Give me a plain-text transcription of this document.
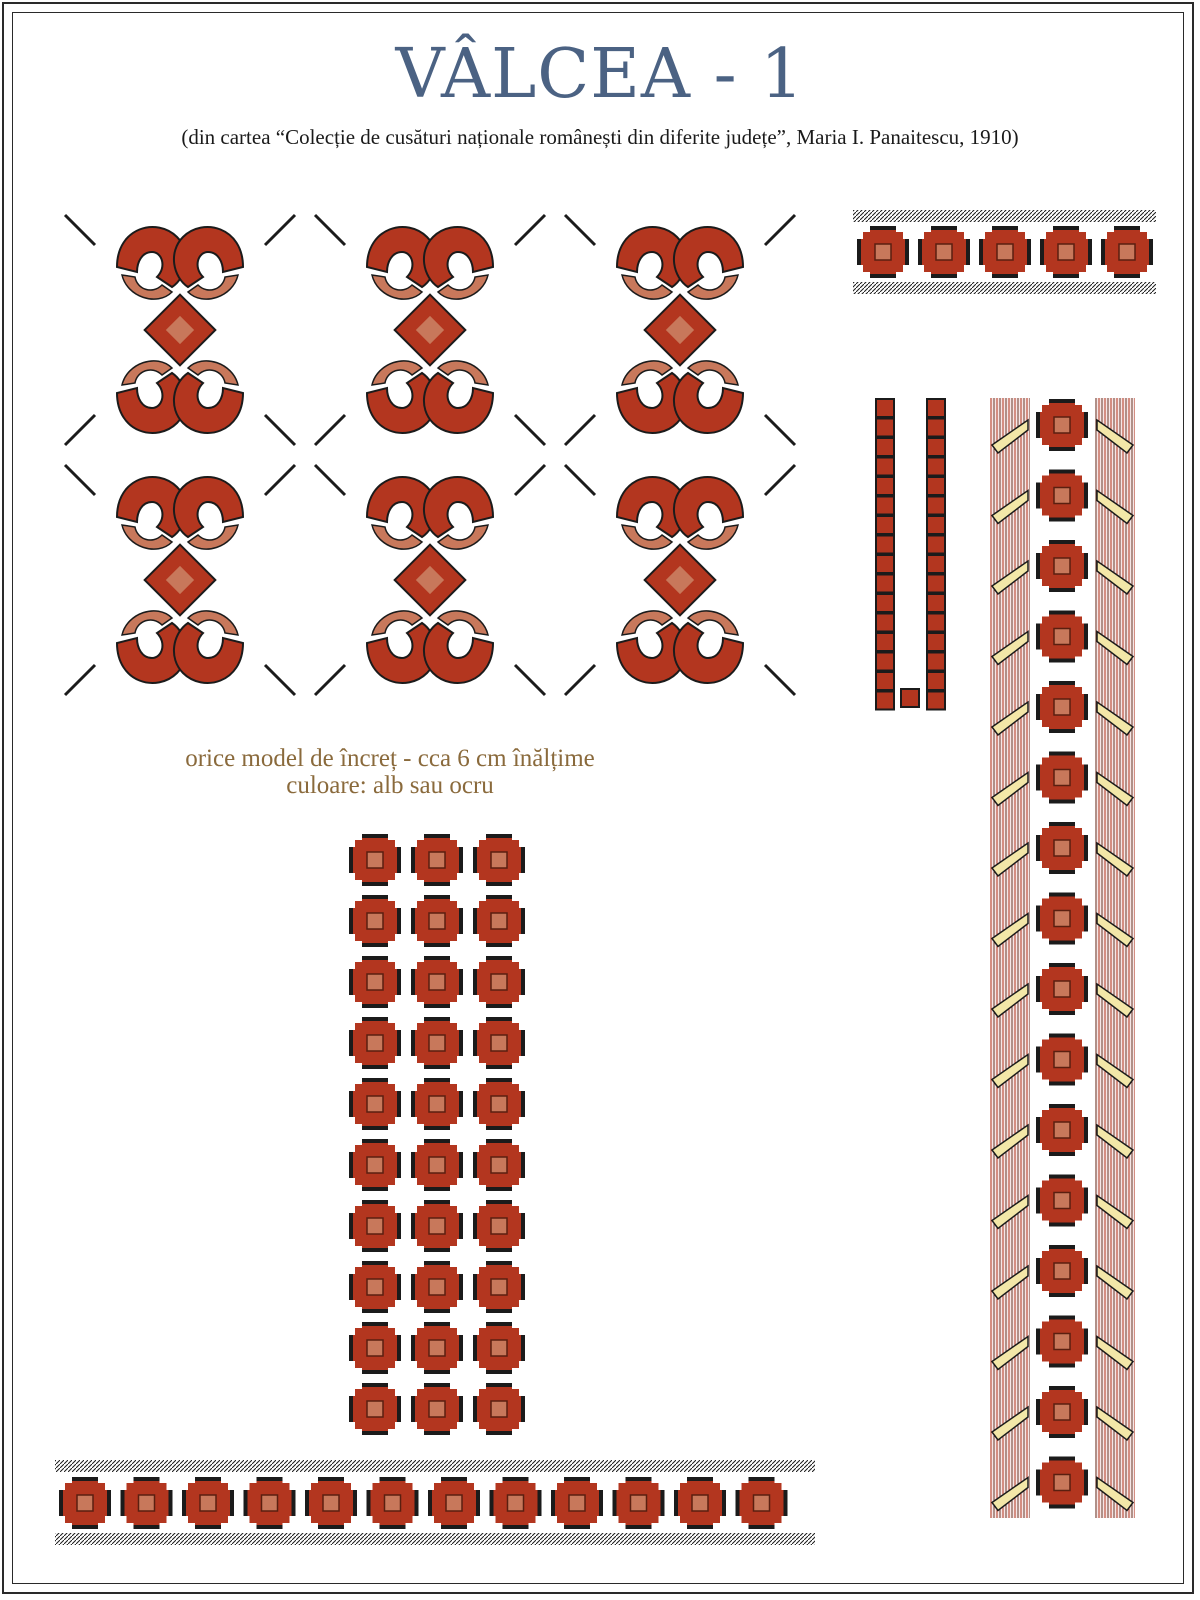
VÂLCEA - 1
(din cartea “Colecție de cusături naționale românești din diferite județe”, Maria I. Panaitescu, 1910)
orice model de încreț - cca 6 cm înălțime
culoare: alb sau ocru
